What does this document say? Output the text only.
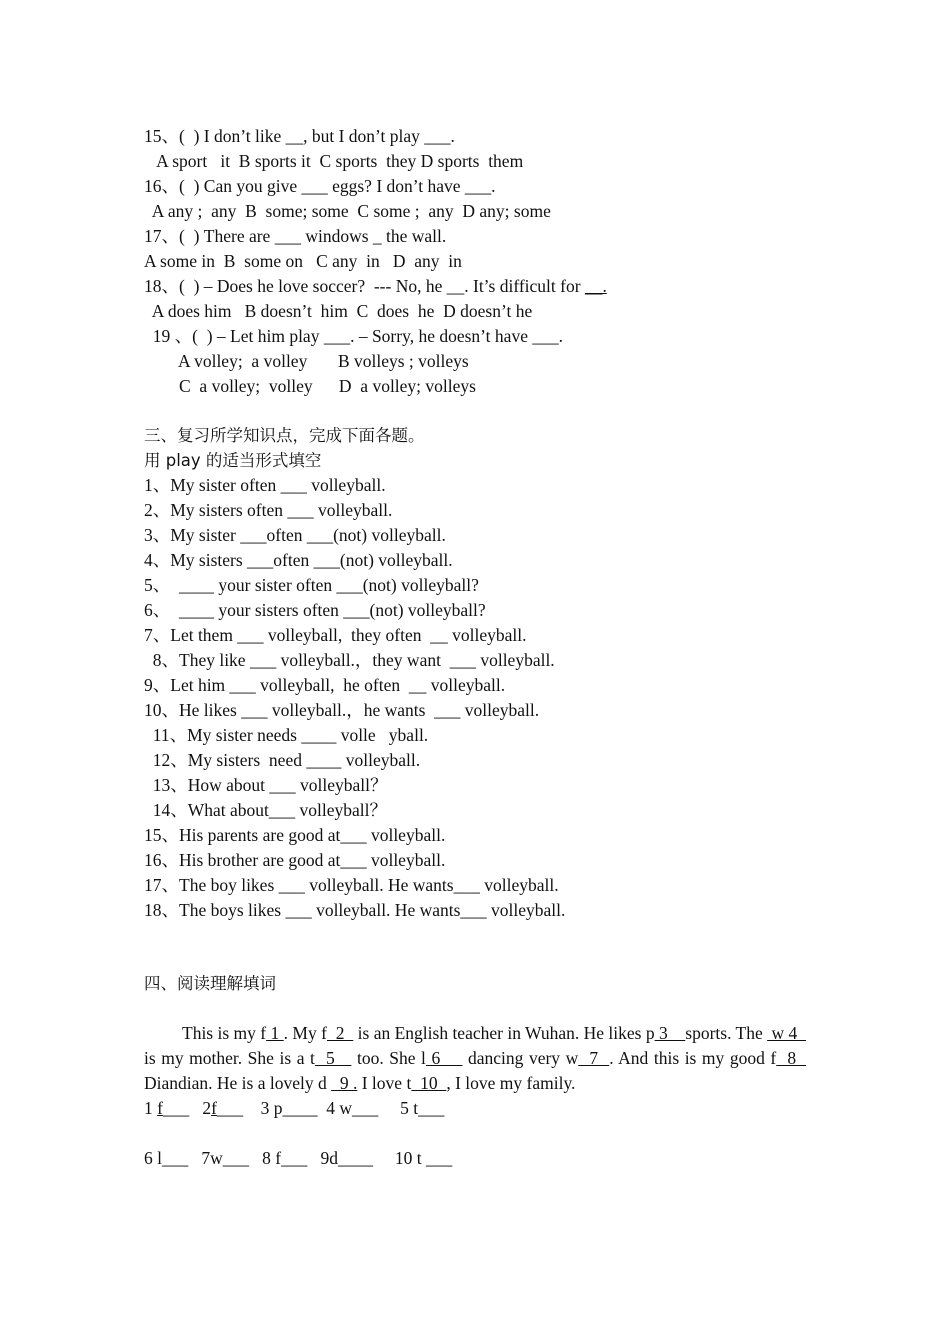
15、(  ) I don’t like __, but I don’t play ___.

A sport   it  B sports it  C sports  they D sports  them

16、(  ) Can you give ___ eggs? I don’t have ___.

A any ;  any  B  some; some  C some ;  any  D any; some

17、(  ) There are ___ windows _ the wall.

A some in  B  some on   C any  in   D  any  in

18、(  ) – Does he love soccer?  --- No, he __. It’s difficult for __.

A does him   B doesn’t  him  C  does  he  D doesn’t he

19 、(  ) – Let him play ___. – Sorry, he doesn’t have ___.

A volley;  a volley       B volleys ; volleys

C  a volley;  volley      D  a volley; volleys

三、复习所学知识点，完成下面各题。

用 play 的适当形式填空

1、My sister often ___ volleyball.

2、My sisters often ___ volleyball.

3、My sister ___often ___(not) volleyball.

4、My sisters ___often ___(not) volleyball.

5、  ____ your sister often ___(not) volleyball?

6、  ____ your sisters often ___(not) volleyball?

7、Let them ___ volleyball,  they often  __ volleyball.

8、They like ___ volleyball.，they want  ___ volleyball.

9、Let him ___ volleyball,  he often  __ volleyball.

10、He likes ___ volleyball.，he wants  ___ volleyball.

11、My sister needs ____ volle   yball.

12、My sisters  need ____ volleyball.

13、How about ___ volleyball？

14、What about___ volleyball？

15、His parents are good at___ volleyball.

16、His brother are good at___ volleyball.

17、The boy likes ___ volleyball. He wants___ volleyball.

18、The boys likes ___ volleyball. He wants___ volleyball.

四、阅读理解填词

This is my f 1 . My f  2   is an English teacher in Wuhan. He likes p 3    sports. The  w 4   is my mother. She is a t  5    too. She l 6     dancing very w  7  . And this is my good f  8   Diandian. He is a lovely d   9 . I love t  10  , I love my family.

1 f___   2f___    3 p____  4 w___     5 t___

6 l___   7w___   8 f___   9d____     10 t ___
